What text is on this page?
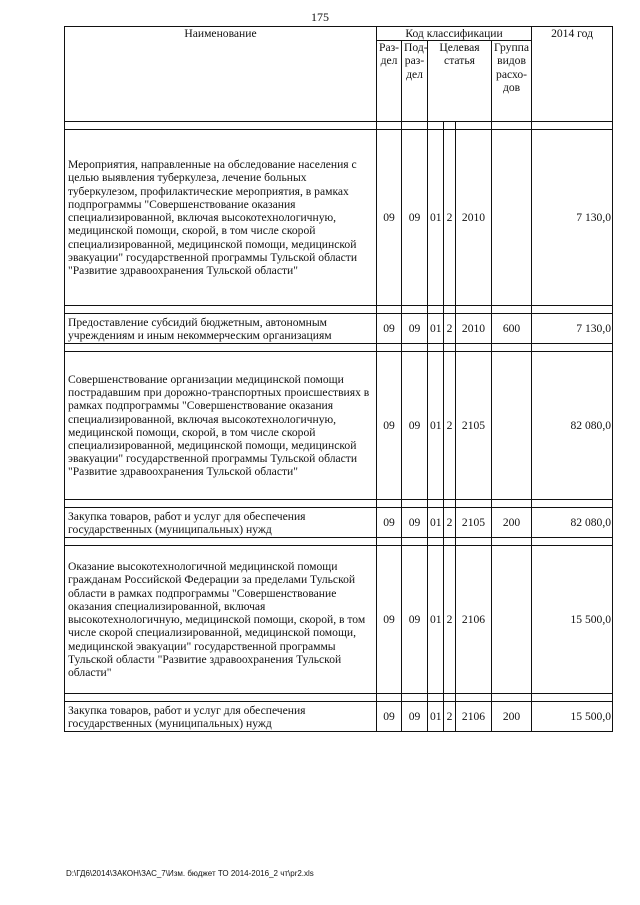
175
Наименование	Код классификации						2014 год
	Раз-дел	Под-раз-дел	Целевая статья			Группа видов расхо-дов	

Мероприятия, направленные на обследование населения с целью выявления туберкулеза, лечение больных туберкулезом, профилактические мероприятия, в рамках подпрограммы "Совершенствование оказания специализированной, включая высокотехнологичную, медицинской помощи, скорой, в том числе скорой специализированной, медицинской помощи, медицинской эвакуации" государственной программы Тульской области "Развитие здравоохранения Тульской области"	09	09	01	2	2010		7 130,0

Предоставление субсидий бюджетным, автономным учреждениям и иным некоммерческим организациям	09	09	01	2	2010	600	7 130,0

Совершенствование организации медицинской помощи пострадавшим при дорожно-транспортных происшествиях в рамках подпрограммы "Совершенствование оказания специализированной, включая высокотехнологичную, медицинской помощи, скорой, в том числе скорой специализированной, медицинской помощи, медицинской эвакуации" государственной программы Тульской области "Развитие здравоохранения Тульской области"	09	09	01	2	2105		82 080,0

Закупка товаров, работ и услуг для обеспечения государственных (муниципальных) нужд	09	09	01	2	2105	200	82 080,0

Оказание высокотехнологичной медицинской помощи гражданам Российской Федерации за пределами Тульской области в рамках подпрограммы "Совершенствование оказания специализированной, включая высокотехнологичную, медицинской помощи, скорой, в том числе скорой специализированной, медицинской помощи, медицинской эвакуации" государственной программы Тульской области "Развитие здравоохранения Тульской области"	09	09	01	2	2106		15 500,0

Закупка товаров, работ и услуг для обеспечения государственных (муниципальных) нужд	09	09	01	2	2106	200	15 500,0
D:\ГД6\2014\ЗАКОН\ЗАС_7\Изм. бюджет ТО 2014-2016_2 чт\pr2.xls
